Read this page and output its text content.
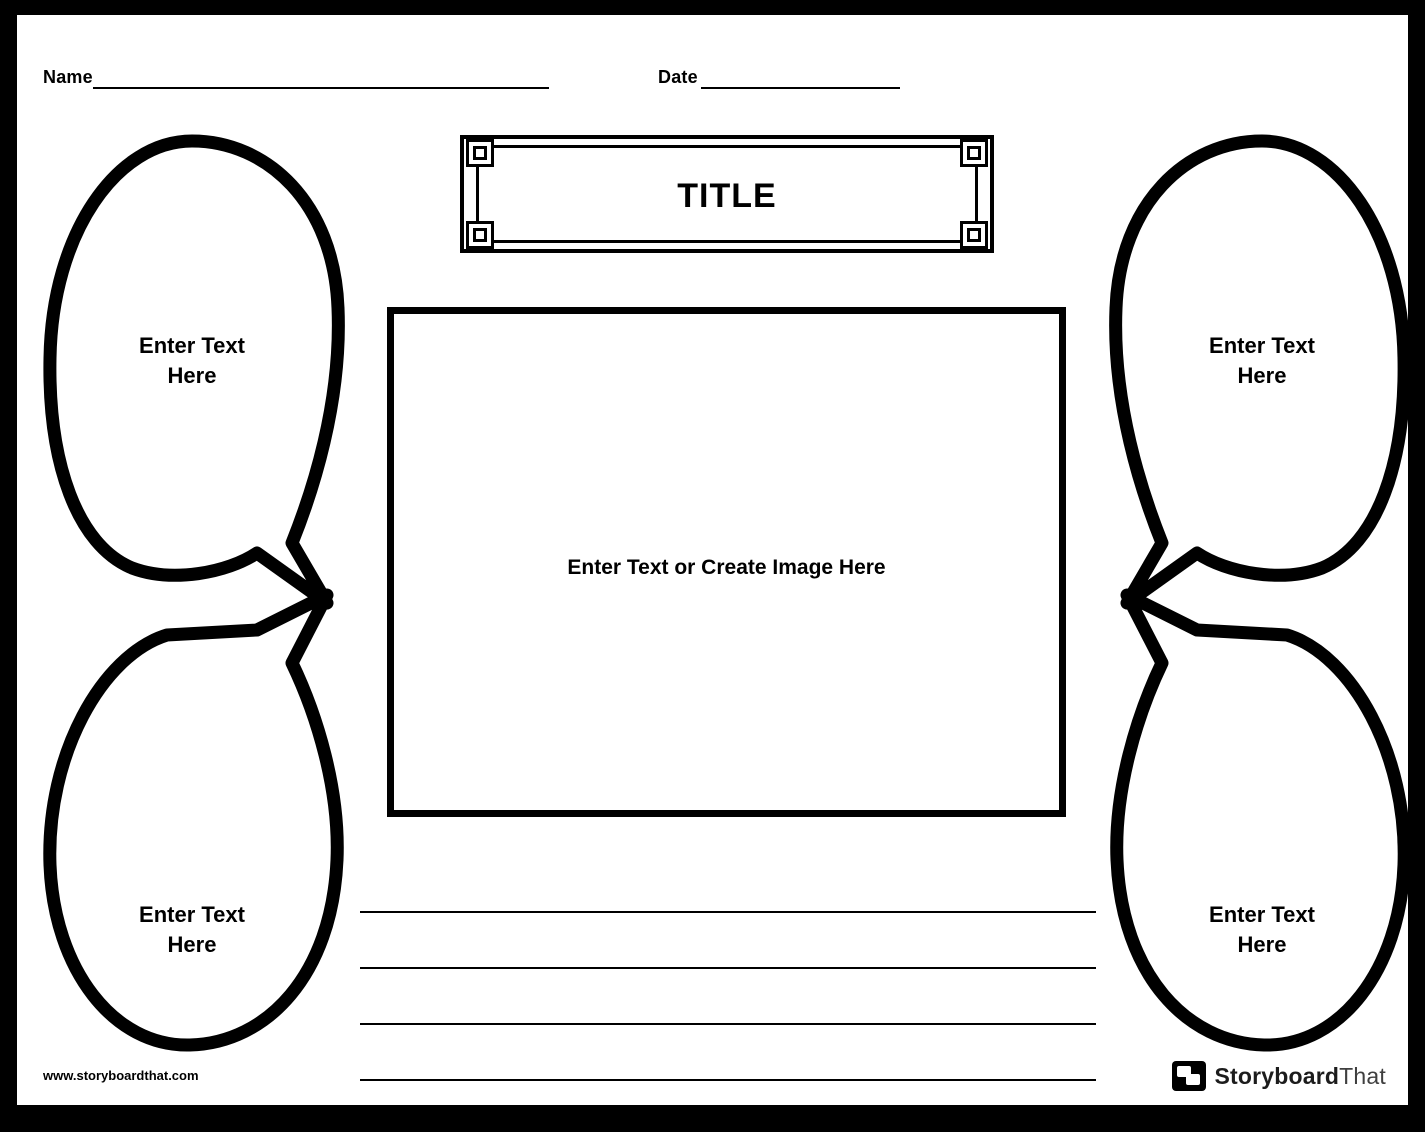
Name	Date
TITLE
Enter Text or Create Image Here
Enter Text
Here
Enter Text
Here
Enter Text
Here
Enter Text
Here
www.storyboardthat.com	StoryboardThat
